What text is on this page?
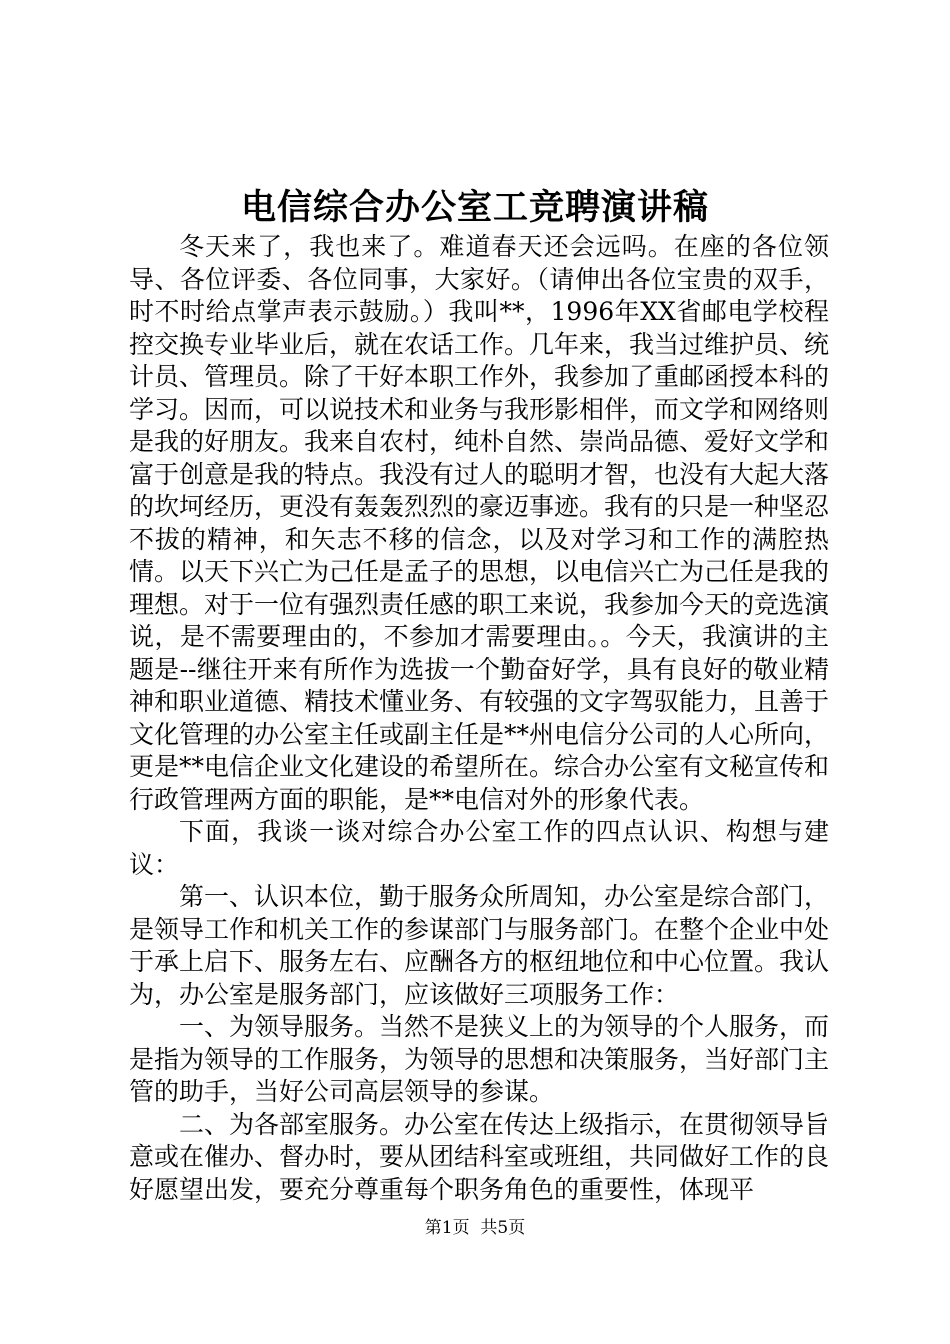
电信综合办公室工竞聘演讲稿

冬天来了，我也来了。难道春天还会远吗。在座的各位领导、各位评委、各位同事，大家好。（请伸出各位宝贵的双手，时不时给点掌声表示鼓励。）我叫**，1996年XX省邮电学校程控交换专业毕业后，就在农话工作。几年来，我当过维护员、统计员、管理员。除了干好本职工作外，我参加了重邮函授本科的学习。因而，可以说技术和业务与我形影相伴，而文学和网络则是我的好朋友。我来自农村，纯朴自然、崇尚品德、爱好文学和富于创意是我的特点。我没有过人的聪明才智，也没有大起大落的坎坷经历，更没有轰轰烈烈的豪迈事迹。我有的只是一种坚忍不拔的精神，和矢志不移的信念，以及对学习和工作的满腔热情。以天下兴亡为己任是孟子的思想，以电信兴亡为己任是我的理想。对于一位有强烈责任感的职工来说，我参加今天的竞选演说，是不需要理由的，不参加才需要理由。。今天，我演讲的主题是--继往开来有所作为选拔一个勤奋好学，具有良好的敬业精神和职业道德、精技术懂业务、有较强的文字驾驭能力，且善于文化管理的办公室主任或副主任是**州电信分公司的人心所向，更是**电信企业文化建设的希望所在。综合办公室有文秘宣传和行政管理两方面的职能，是**电信对外的形象代表。

下面，我谈一谈对综合办公室工作的四点认识、构想与建议：

第一、认识本位，勤于服务众所周知，办公室是综合部门，是领导工作和机关工作的参谋部门与服务部门。在整个企业中处于承上启下、服务左右、应酬各方的枢纽地位和中心位置。我认为，办公室是服务部门，应该做好三项服务工作：

一、为领导服务。当然不是狭义上的为领导的个人服务，而是指为领导的工作服务，为领导的思想和决策服务，当好部门主管的助手，当好公司高层领导的参谋。

二、为各部室服务。办公室在传达上级指示，在贯彻领导旨意或在催办、督办时，要从团结科室或班组，共同做好工作的良好愿望出发，要充分尊重每个职务角色的重要性，体现平

第1页 共5页
